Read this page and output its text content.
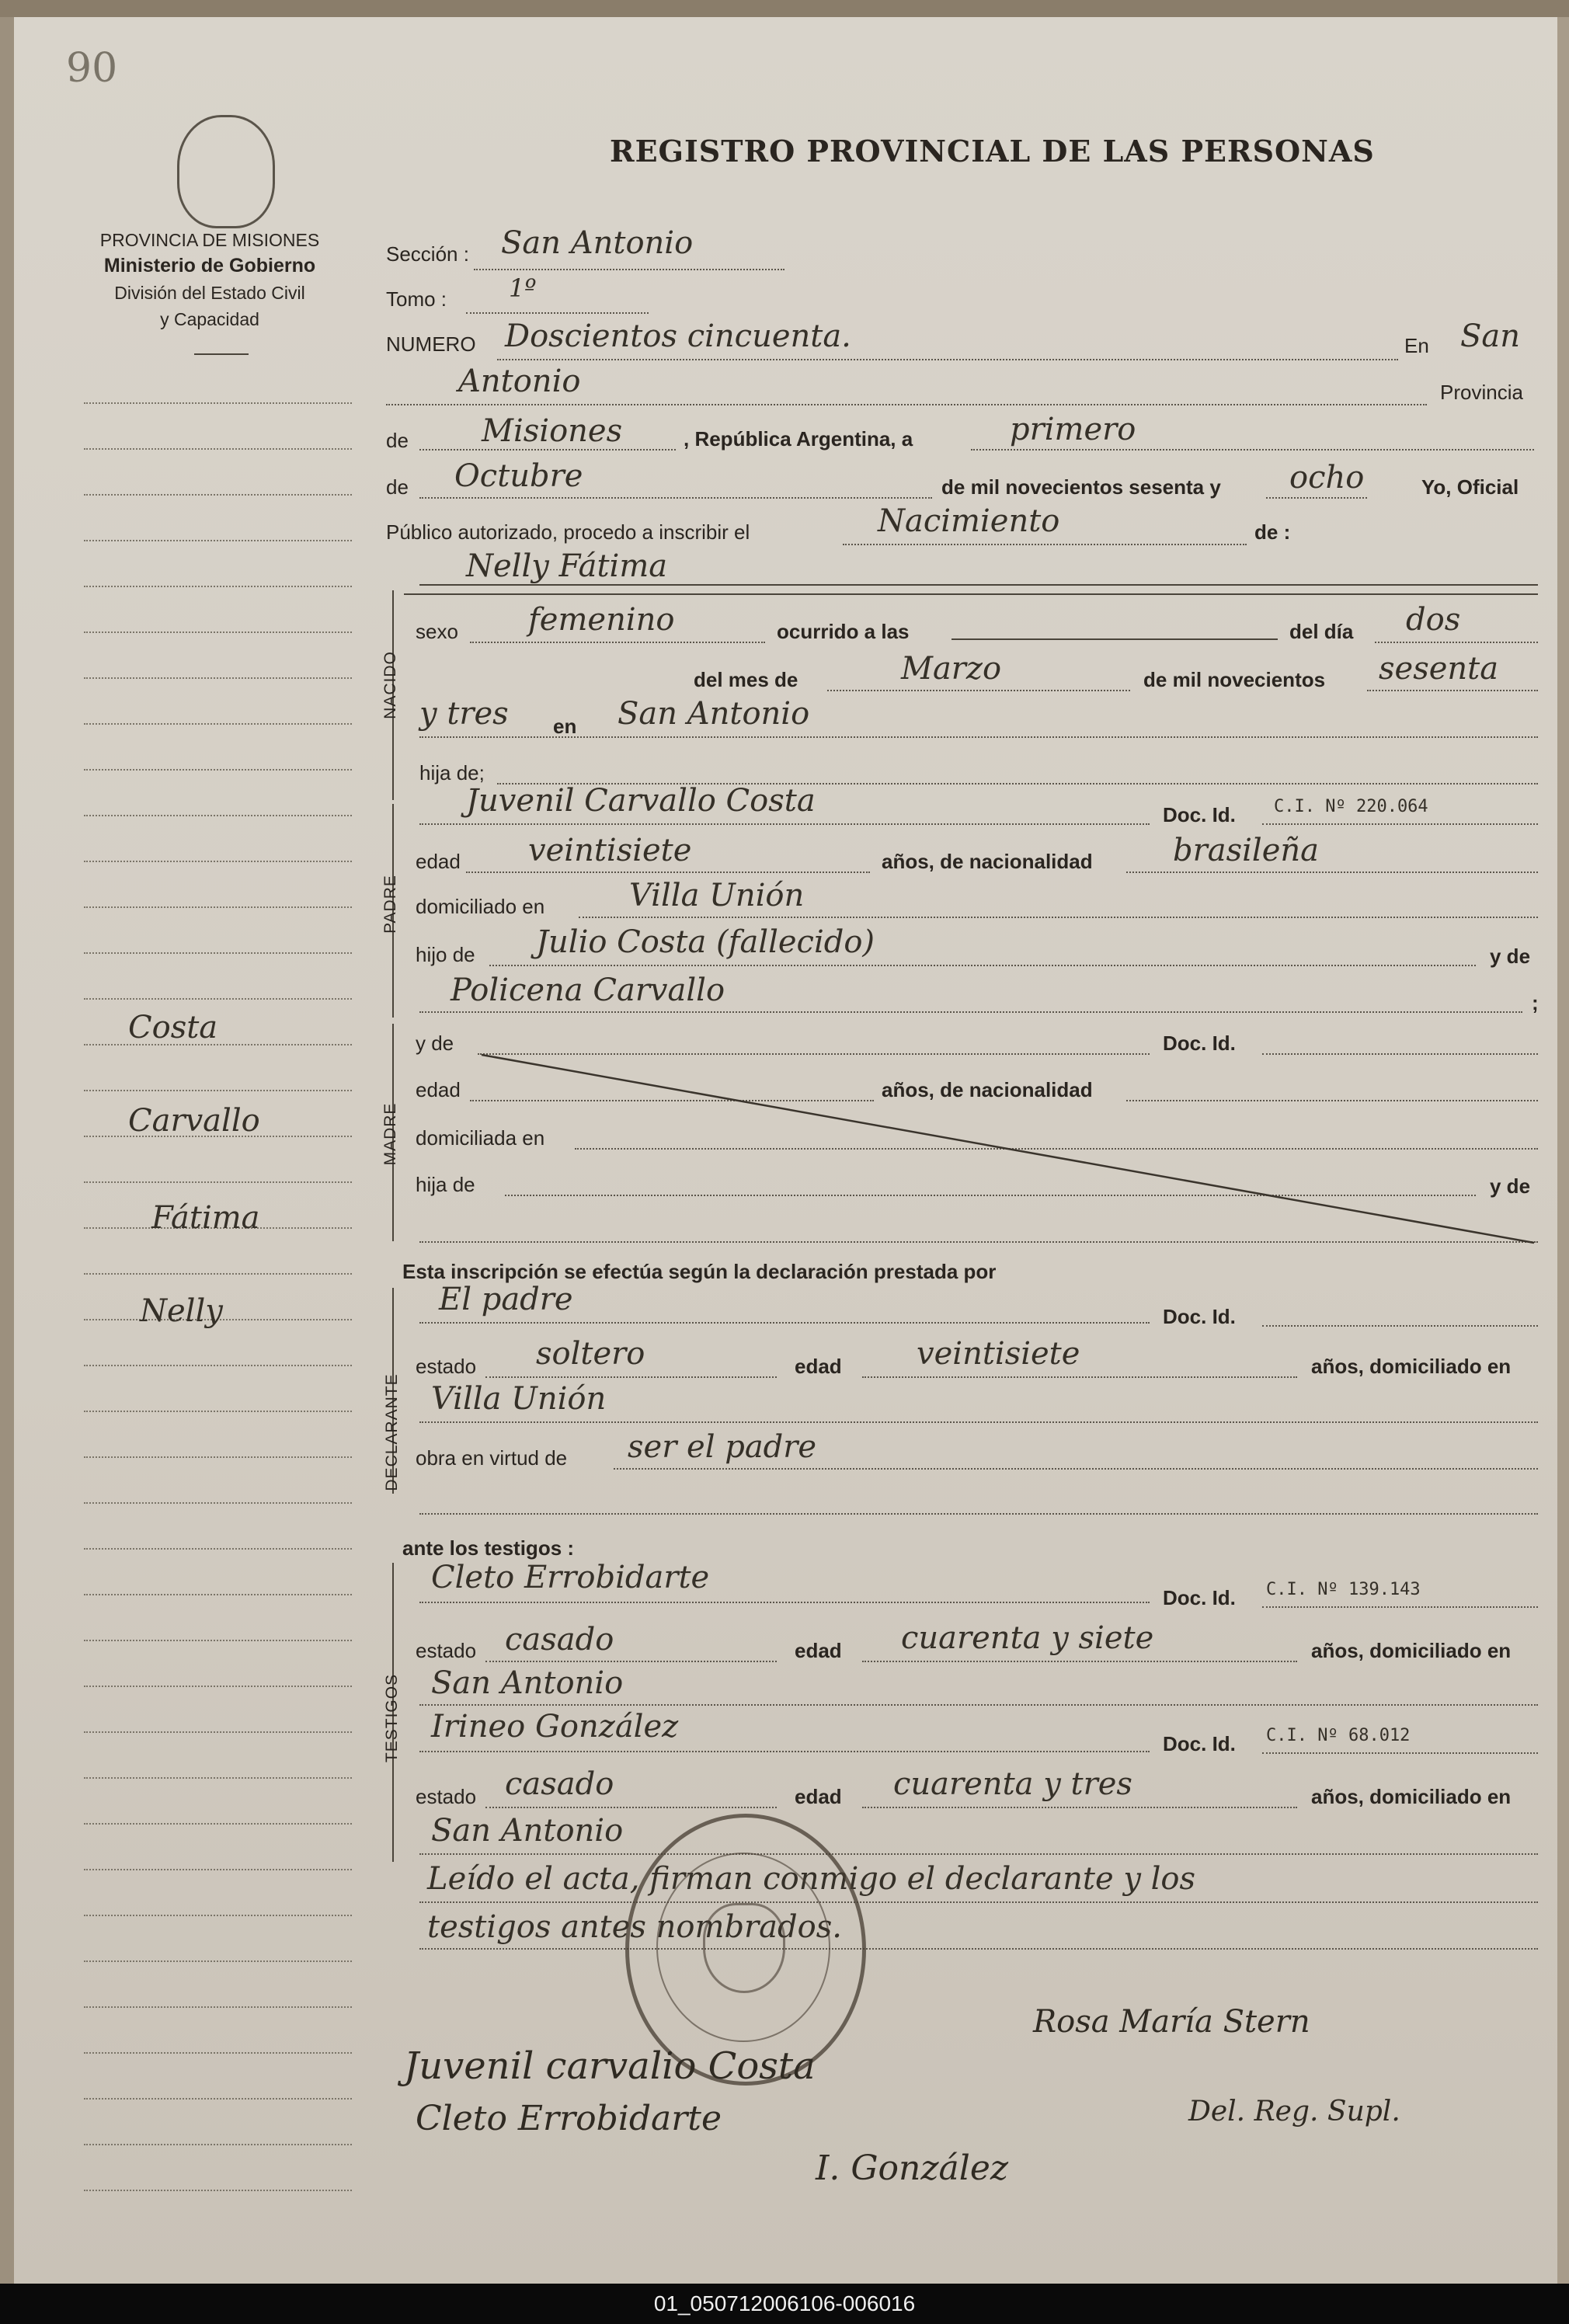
90
REGISTRO PROVINCIAL DE LAS PERSONAS
PROVINCIA DE MISIONES
Ministerio de Gobierno
División del Estado Civil
y Capacidad
Costa
Carvallo
Fátima
Nelly
Sección : San Antonio
Tomo : 1º
NUMERO Doscientos cincuenta.	En San
Antonio	Provincia
de Misiones	, República Argentina, a	primero
de Octubre	de mil novecientos sesenta y ocho	Yo, Oficial
Público autorizado, procedo a inscribir el	Nacimiento	de :
Nelly Fátima
NACIDO
sexo femenino	ocurrido a las	del día dos
del mes de	Marzo	de mil novecientos sesenta
y tres en San Antonio
hija de;
PADRE
Juvenil Carvallo Costa	Doc. Id. C.I. Nº 220.064
edad veintisiete	años, de nacionalidad	brasileña
domiciliado en	Villa Unión
hijo de Julio Costa (fallecido)	y de
Policena Carvallo	;
MADRE
y de	Doc. Id.
edad	años, de nacionalidad
domiciliada en
hija de	y de
Esta inscripción se efectúa según la declaración prestada por
DECLARANTE
El padre	Doc. Id.
estado soltero	edad veintisiete	años, domiciliado en
Villa Unión
obra en virtud de ser el padre
ante los testigos :
TESTIGOS
Cleto Errobidarte
Doc. Id. C.I. Nº 139.143
estado casado	edad cuarenta y siete	años, domiciliado en
San Antonio
Irineo González	Doc. Id. C.I. Nº 68.012
estado casado	edad cuarenta y tres	años, domiciliado en
San Antonio
Leído el acta, firman conmigo el declarante y los
testigos antes nombrados.
Rosa María Stern
Juvenil carvalio Costa
Cleto Errobidarte	Del. Reg. Supl.
I. González
01_050712006106-006016
